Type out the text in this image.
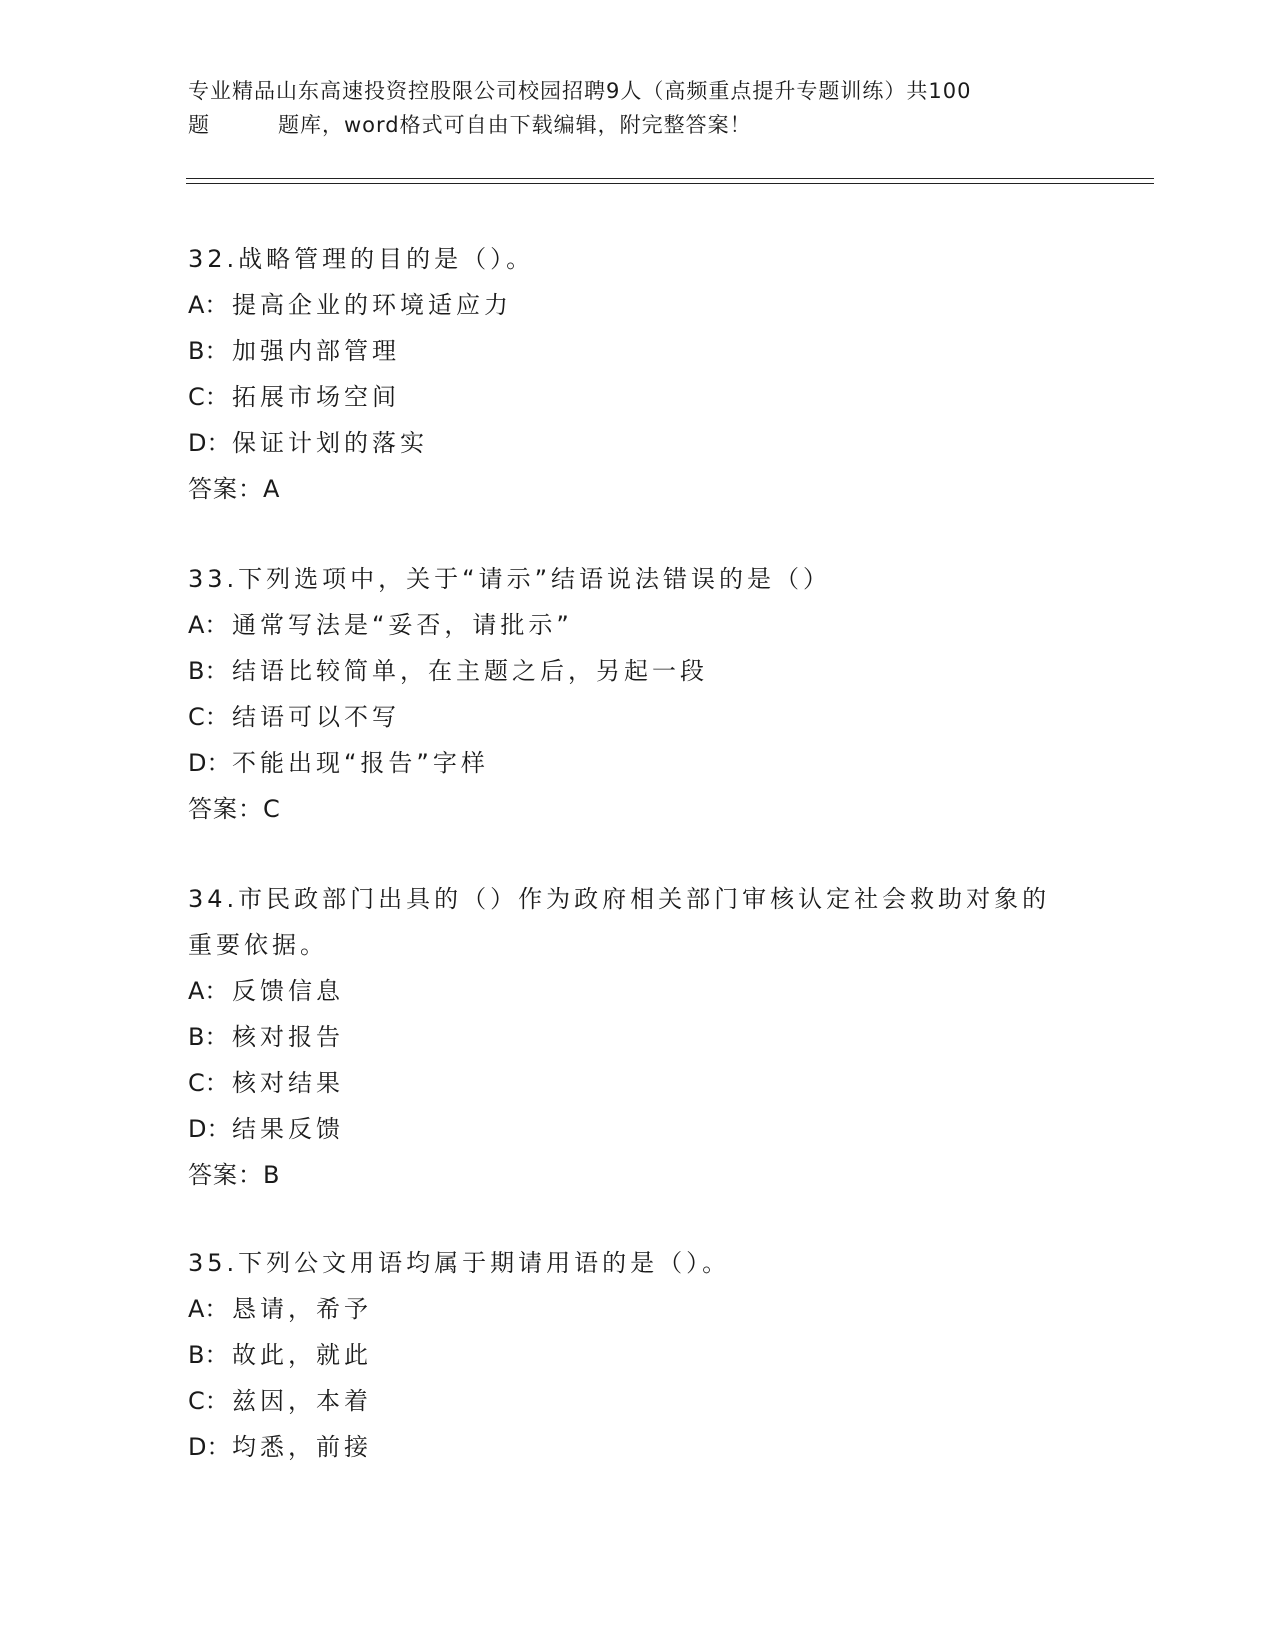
专业精品山东高速投资控股限公司校园招聘9人（高频重点提升专题训练）共100
题	题库，word格式可自由下载编辑，附完整答案！

32.战略管理的目的是（）。

A： 提高企业的环境适应力

B： 加强内部管理

C： 拓展市场空间

D：保证计划的落实

答案：A

33.下列选项中，关于“请示”结语说法错误的是（）

A： 通常写法是“妥否，请批示”

B： 结语比较简单，在主题之后，另起一段

C： 结语可以不写

D：不能出现“报告”字样

答案：C

34.市民政部门出具的（）作为政府相关部门审核认定社会救助对象的重要依据。

A： 反馈信息

B： 核对报告

C： 核对结果

D：结果反馈

答案：B

35.下列公文用语均属于期请用语的是（）。

A： 恳请，希予

B： 故此，就此

C： 兹因，本着

D：均悉，前接
